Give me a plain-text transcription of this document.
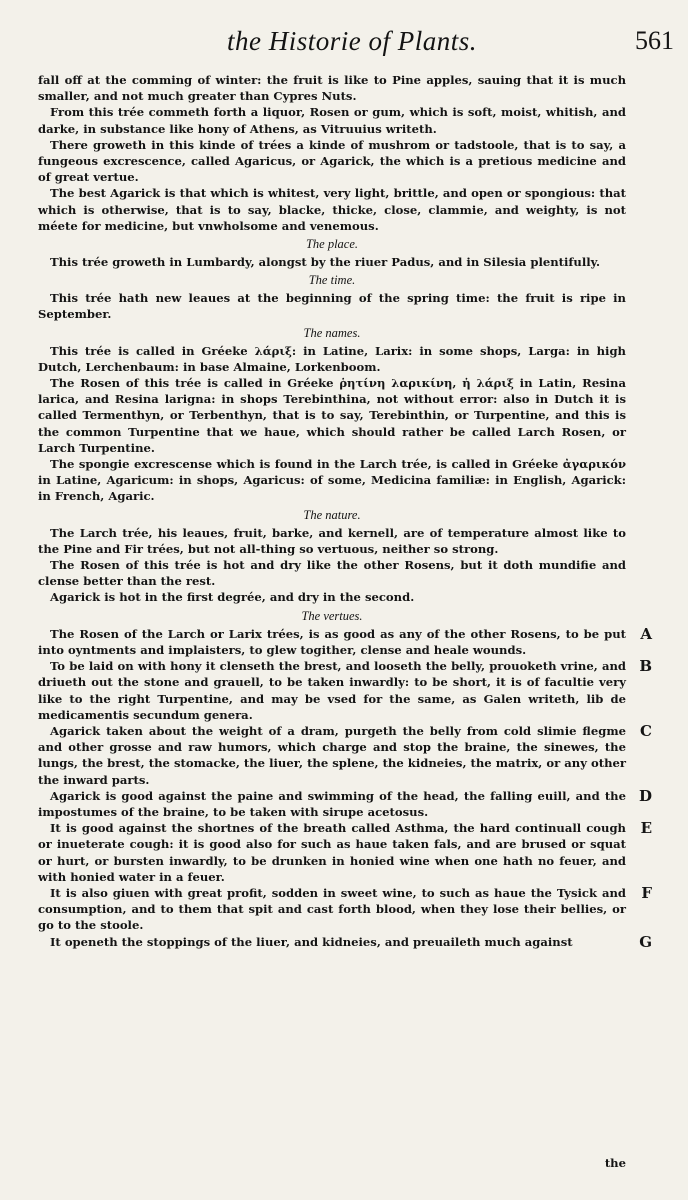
the Historie of Plants.	561

fall off at the comming of winter: the fruit is like to Pine apples, sauing that it is much smaller, and not much greater than Cypres Nuts.

From this trée commeth forth a liquor, Rosen or gum, which is soft, moist, whitish, and darke, in substance like hony of Athens, as Vitruuius writeth.

There groweth in this kinde of trées a kinde of mushrom or tadstoole, that is to say, a fungeous excrescence, called Agaricus, or Agarick, the which is a pretious medicine and of great vertue.

The best Agarick is that which is whitest, very light, brittle, and open or spongious: that which is otherwise, that is to say, blacke, thicke, close, clammie, and weighty, is not méete for medicine, but vnwholsome and venemous.

The place.

This trée groweth in Lumbardy, alongst by the riuer Padus, and in Silesia plentifully.

The time.

This trée hath new leaues at the beginning of the spring time: the fruit is ripe in September.

The names.

This trée is called in Gréeke λάριξ: in Latine, Larix: in some shops, Larga: in high Dutch, Lerchenbaum: in base Almaine, Lorkenboom.

The Rosen of this trée is called in Gréeke ῥητίνη λαρικίνη, ἡ λάριξ in Latin, Resina larica, and Resina larigna: in shops Terebinthina, not without error: also in Dutch it is called Termenthyn, or Terbenthyn, that is to say, Terebinthin, or Turpentine, and this is the common Turpentine that we haue, which should rather be called Larch Rosen, or Larch Turpentine.

The spongie excrescense which is found in the Larch trée, is called in Gréeke ἀγαρικόν in Latine, Agaricum: in shops, Agaricus: of some, Medicina familiæ: in English, Agarick: in French, Agaric.

The nature.

The Larch trée, his leaues, fruit, barke, and kernell, are of temperature almost like to the Pine and Fir trées, but not all-thing so vertuous, neither so strong.

The Rosen of this trée is hot and dry like the other Rosens, but it doth mundifie and clense better than the rest.

Agarick is hot in the first degrée, and dry in the second.

The vertues.

The Rosen of the Larch or Larix trées, is as good as any of the other Rosens, to be put into oyntments and implaisters, to glew togither, clense and heale wounds.
A

To be laid on with hony it clenseth the brest, and looseth the belly, prouoketh vrine, and driueth out the stone and grauell, to be taken inwardly: to be short, it is of facultie very like to the right Turpentine, and may be vsed for the same, as Galen writeth, lib de medicamentis secundum genera.
B

Agarick taken about the weight of a dram, purgeth the belly from cold slimie flegme and other grosse and raw humors, which charge and stop the braine, the sinewes, the lungs, the brest, the stomacke, the liuer, the splene, the kidneies, the matrix, or any other the inward parts.
C

Agarick is good against the paine and swimming of the head, the falling euill, and the impostumes of the braine, to be taken with sirupe acetosus.
D

It is good against the shortnes of the breath called Asthma, the hard continuall cough or inueterate cough: it is good also for such as haue taken fals, and are brused or squat or hurt, or bursten inwardly, to be drunken in honied wine when one hath no feuer, and with honied water in a feuer.
E

It is also giuen with great profit, sodden in sweet wine, to such as haue the Tysick and consumption, and to them that spit and cast forth blood, when they lose their bellies, or go to the stoole.
F

It openeth the stoppings of the liuer, and kidneies, and preuaileth much against	G

the
